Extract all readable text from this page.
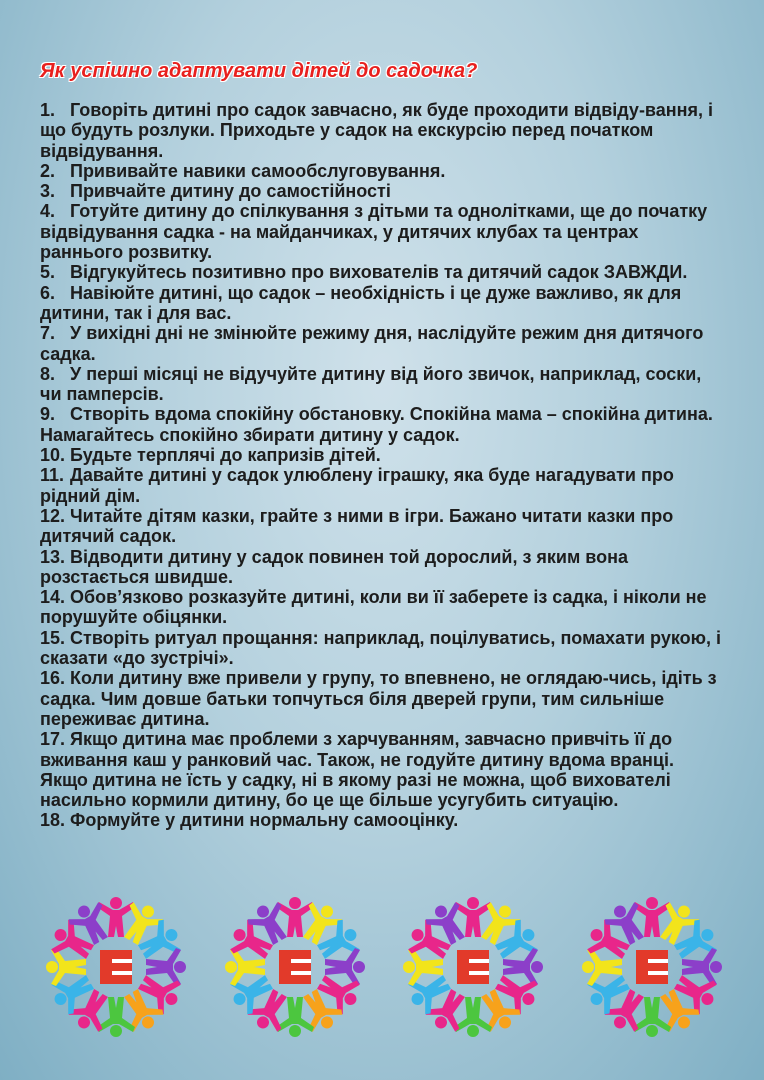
Як успішно адаптувати дітей до садочка?
1. Говоріть дитині про садок завчасно, як буде проходити відвіду-вання, і що будуть розлуки. Приходьте у садок на екскурсію перед початком відвідування.
2. Прививайте навики самообслуговування.
3. Привчайте дитину до самостійності
4. Готуйте дитину до спілкування з дітьми та однолітками, ще до початку відвідування садка - на майданчиках, у дитячих клубах та центрах раннього розвитку.
5. Відгукуйтесь позитивно про вихователів та дитячий садок ЗАВЖДИ.
6. Навіюйте дитині, що садок – необхідність і це дуже важливо, як для дитини, так і для вас.
7. У вихідні дні не змінюйте режиму дня, наслідуйте режим дня дитячого садка.
8. У перші місяці не відучуйте дитину від його звичок, наприклад, соски, чи памперсів.
9. Створіть вдома спокійну обстановку. Спокійна мама – спокійна дитина. Намагайтесь спокійно збирати дитину у садок.
10. Будьте терплячі до капризів дітей.
11. Давайте дитині у садок улюблену іграшку, яка буде нагадувати про рідний дім.
12. Читайте дітям казки, грайте з ними в ігри. Бажано читати казки про дитячий садок.
13. Відводити дитину у садок повинен той дорослий, з яким вона розстається швидше.
14. Обов’язково розказуйте дитині, коли ви її заберете із садка, і ніколи не порушуйте обіцянки.
15. Створіть ритуал прощання: наприклад, поцілуватись, помахати рукою, і сказати «до зустрічі».
16. Коли дитину вже привели у групу, то впевнено, не оглядаю-чись, ідіть з садка. Чим довше батьки топчуться біля дверей групи, тим сильніше переживає дитина.
17. Якщо дитина має проблеми з харчуванням, завчасно привчіть її до вживання каш у ранковий час. Також, не годуйте дитину вдома вранці. Якщо дитина не їсть у садку, ні в якому разі не можна, щоб вихователі насильно кормили дитину, бо це ще більше усугубить ситуацію.
18. Формуйте у дитини нормальну самооцінку.
